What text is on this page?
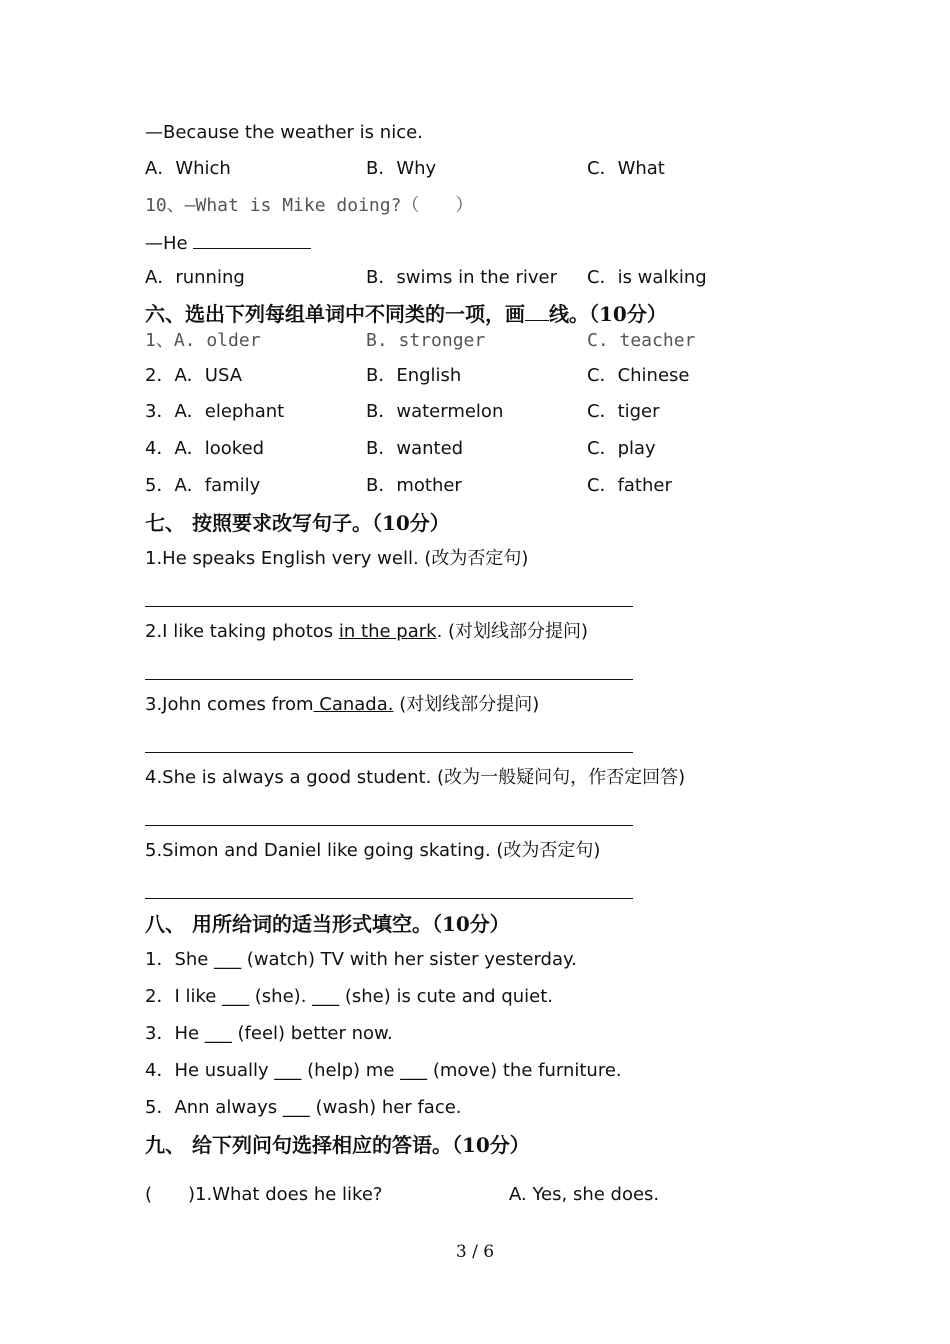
—Because the weather is nice.
A．Which	B．Why	C．What
10、—What is Mike doing?（　　）
—He
A．running	B．swims in the river C．is walking
六、选出下列每组单词中不同类的一项，画 线。（10分）
1、A. older	B. stronger	C. teacher
2．A．USA	B．English	C．Chinese
3．A．elephant	B．watermelon	C．tiger
4．A．looked	B．wanted	C．play
5．A．family	B．mother	C．father
七、 按照要求改写句子。（10分）
1.He speaks English very well. (改为否定句)
2.I like taking photos in the park. (对划线部分提问)
3.John comes from Canada. (对划线部分提问)
4.She is always a good student. (改为一般疑问句，作否定回答)
5.Simon and Daniel like going skating. (改为否定句)
八、 用所给词的适当形式填空。（10分）
1．She ___ (watch) TV with her sister yesterday.
2．I like ___ (she). ___ (she) is cute and quiet.
3．He ___ (feel) better now.
4．He usually ___ (help) me ___ (move) the furniture.
5．Ann always ___ (wash) her face.
九、 给下列问句选择相应的答语。（10分）
( )1.What does he like?	A. Yes, she does.
3 / 6
